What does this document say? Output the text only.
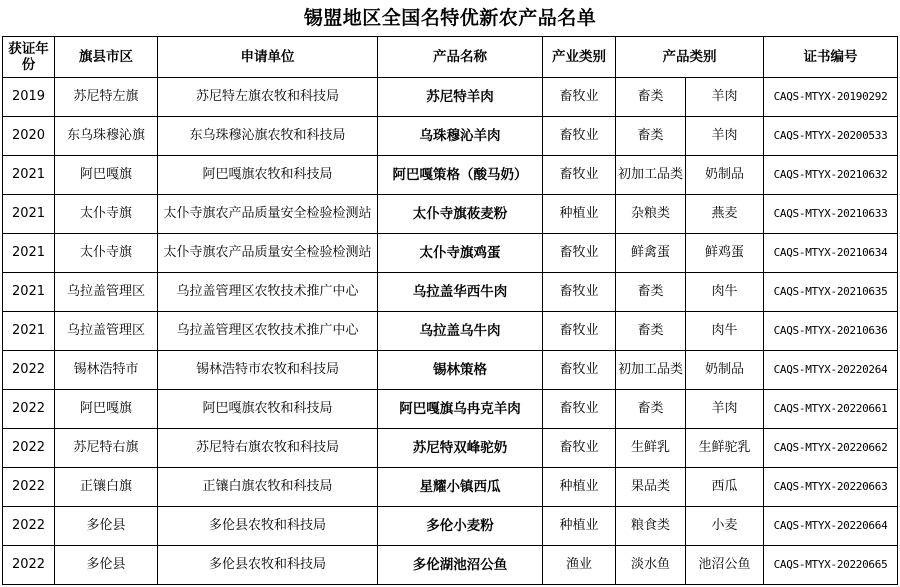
锡盟地区全国名特优新农产品名单
获证年份	旗县市区	申请单位	产品名称	产业类别	产品类别		证书编号
2019	苏尼特左旗	苏尼特左旗农牧和科技局	苏尼特羊肉	畜牧业	畜类	羊肉	CAQS-MTYX-20190292
2020	东乌珠穆沁旗	东乌珠穆沁旗农牧和科技局	乌珠穆沁羊肉	畜牧业	畜类	羊肉	CAQS-MTYX-20200533
2021	阿巴嘎旗	阿巴嘎旗农牧和科技局	阿巴嘎策格（酸马奶）	畜牧业	初加工品类	奶制品	CAQS-MTYX-20210632
2021	太仆寺旗	太仆寺旗农产品质量安全检验检测站	太仆寺旗莜麦粉	种植业	杂粮类	燕麦	CAQS-MTYX-20210633
2021	太仆寺旗	太仆寺旗农产品质量安全检验检测站	太仆寺旗鸡蛋	畜牧业	鲜禽蛋	鲜鸡蛋	CAQS-MTYX-20210634
2021	乌拉盖管理区	乌拉盖管理区农牧技术推广中心	乌拉盖华西牛肉	畜牧业	畜类	肉牛	CAQS-MTYX-20210635
2021	乌拉盖管理区	乌拉盖管理区农牧技术推广中心	乌拉盖乌牛肉	畜牧业	畜类	肉牛	CAQS-MTYX-20210636
2022	锡林浩特市	锡林浩特市农牧和科技局	锡林策格	畜牧业	初加工品类	奶制品	CAQS-MTYX-20220264
2022	阿巴嘎旗	阿巴嘎旗农牧和科技局	阿巴嘎旗乌冉克羊肉	畜牧业	畜类	羊肉	CAQS-MTYX-20220661
2022	苏尼特右旗	苏尼特右旗农牧和科技局	苏尼特双峰驼奶	畜牧业	生鲜乳	生鲜驼乳	CAQS-MTYX-20220662
2022	正镶白旗	正镶白旗农牧和科技局	星耀小镇西瓜	种植业	果品类	西瓜	CAQS-MTYX-20220663
2022	多伦县	多伦县农牧和科技局	多伦小麦粉	种植业	粮食类	小麦	CAQS-MTYX-20220664
2022	多伦县	多伦县农牧和科技局	多伦湖池沼公鱼	渔业	淡水鱼	池沼公鱼	CAQS-MTYX-20220665
